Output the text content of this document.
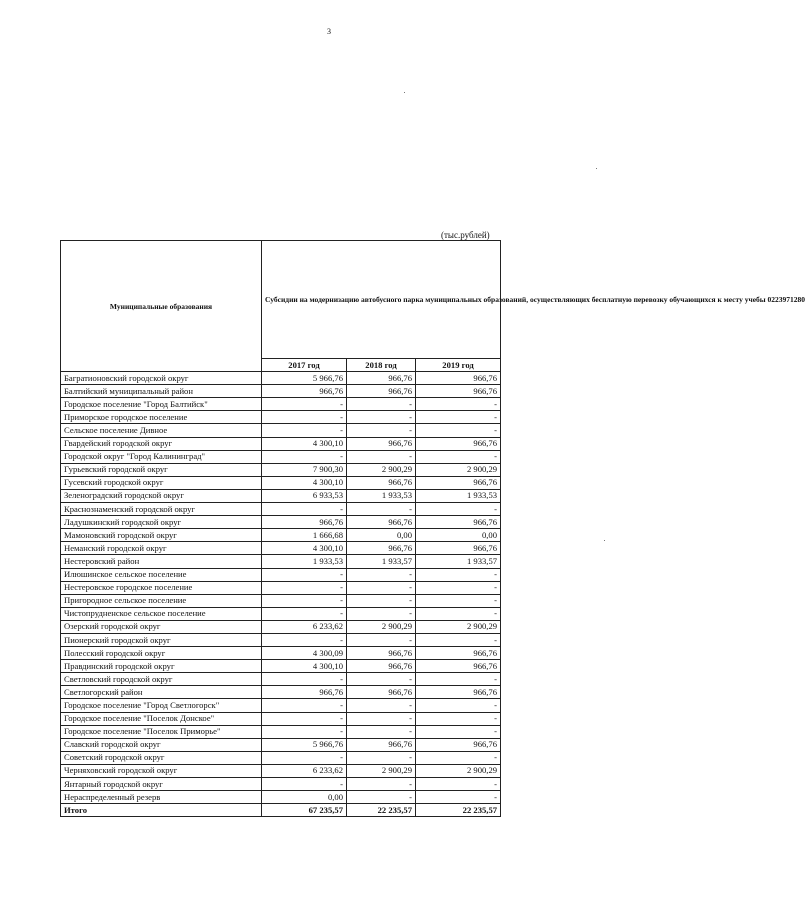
3
(тыс.рублей)
Муниципальные образования	Субсидии на модернизацию автобусного парка муниципальных образований, осуществляющих бесплатную перевозку обучающихся к месту учебы 0223971280		
	2017 год	2018 год	2019 год
Багратионовский городской округ	5 966,76	966,76	966,76
Балтийский муниципальный район	966,76	966,76	966,76
Городское поселение "Город Балтийск"	-	-	-
Приморское городское поселение	-	-	-
Сельское поселение Дивное	-	-	-
Гвардейский городской округ	4 300,10	966,76	966,76
Городской округ "Город Калининград"	-	-	-
Гурьевский городской округ	7 900,30	2 900,29	2 900,29
Гусевский городской округ	4 300,10	966,76	966,76
Зеленоградский городской округ	6 933,53	1 933,53	1 933,53
Краснознаменский городской округ	-	-	-
Ладушкинский городской округ	966,76	966,76	966,76
Мамоновский городской округ	1 666,68	0,00	0,00
Неманский городской округ	4 300,10	966,76	966,76
Нестеровский район	1 933,53	1 933,57	1 933,57
Илюшинское сельское поселение	-	-	-
Нестеровское городское поселение	-	-	-
Пригородное сельское поселение	-	-	-
Чистопрудненское сельское поселение	-	-	-
Озерский городской округ	6 233,62	2 900,29	2 900,29
Пионерский городской округ	-	-	-
Полесский городской округ	4 300,09	966,76	966,76
Правдинский городской округ	4 300,10	966,76	966,76
Светловский городской округ	-	-	-
Светлогорский район	966,76	966,76	966,76
Городское поселение "Город Светлогорск"	-	-	-
Городское поселение "Поселок Донское"	-	-	-
Городское поселение "Поселок Приморье"	-	-	-
Славский городской округ	5 966,76	966,76	966,76
Советский городской округ	-	-	-
Черняховский городской округ	6 233,62	2 900,29	2 900,29
Янтарный городской округ	-	-	-
Нераспределенный резерв	0,00	-	-
Итого	67 235,57	22 235,57	22 235,57
